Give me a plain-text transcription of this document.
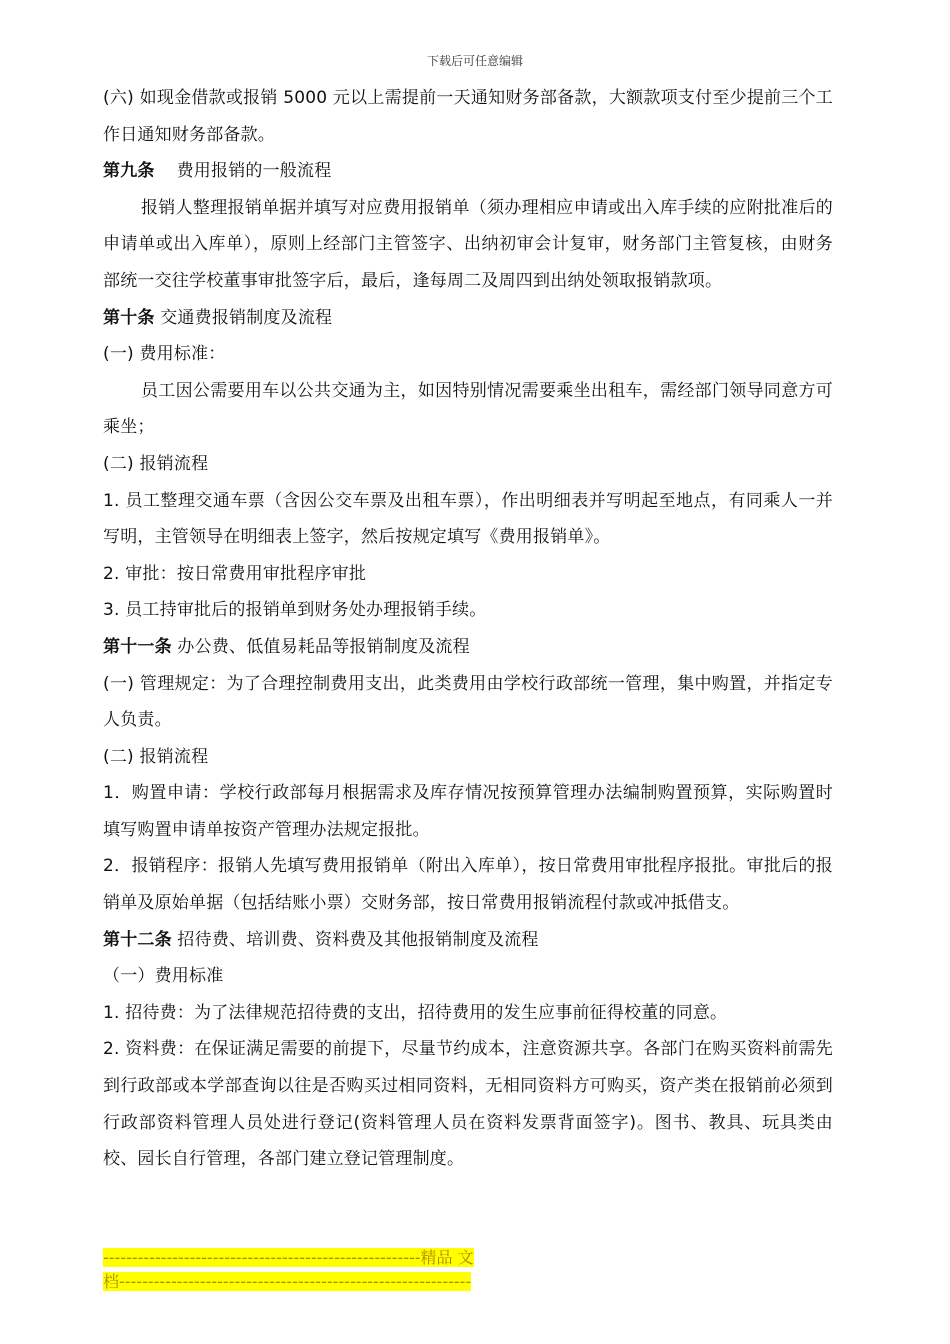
下载后可任意编辑

(六) 如现金借款或报销 5000 元以上需提前一天通知财务部备款，大额款项支付至少提前三个工作日通知财务部备款。

第九条 费用报销的一般流程

报销人整理报销单据并填写对应费用报销单（须办理相应申请或出入库手续的应附批准后的申请单或出入库单），原则上经部门主管签字、出纳初审会计复审，财务部门主管复核，由财务部统一交往学校董事审批签字后，最后，逢每周二及周四到出纳处领取报销款项。

第十条 交通费报销制度及流程

(一) 费用标准：

员工因公需要用车以公共交通为主，如因特别情况需要乘坐出租车，需经部门领导同意方可乘坐；

(二) 报销流程

1. 员工整理交通车票（含因公交车票及出租车票），作出明细表并写明起至地点，有同乘人一并写明，主管领导在明细表上签字，然后按规定填写《费用报销单》。

2. 审批：按日常费用审批程序审批

3. 员工持审批后的报销单到财务处办理报销手续。

第十一条 办公费、低值易耗品等报销制度及流程

(一) 管理规定：为了合理控制费用支出，此类费用由学校行政部统一管理，集中购置，并指定专人负责。

(二) 报销流程

1．购置申请：学校行政部每月根据需求及库存情况按预算管理办法编制购置预算，实际购置时填写购置申请单按资产管理办法规定报批。

2．报销程序：报销人先填写费用报销单（附出入库单），按日常费用审批程序报批。审批后的报销单及原始单据（包括结账小票）交财务部，按日常费用报销流程付款或冲抵借支。

第十二条 招待费、培训费、资料费及其他报销制度及流程

（一）费用标准

1. 招待费：为了法律规范招待费的支出，招待费用的发生应事前征得校董的同意。

2. 资料费：在保证满足需要的前提下，尽量节约成本，注意资源共享。各部门在购买资料前需先到行政部或本学部查询以往是否购买过相同资料，无相同资料方可购买，资产类在报销前必须到行政部资料管理人员处进行登记(资料管理人员在资料发票背面签字)。图书、教具、玩具类由校、园长自行管理，各部门建立登记管理制度。

-------------------------------------------------------精品 文
档-------------------------------------------------------------
